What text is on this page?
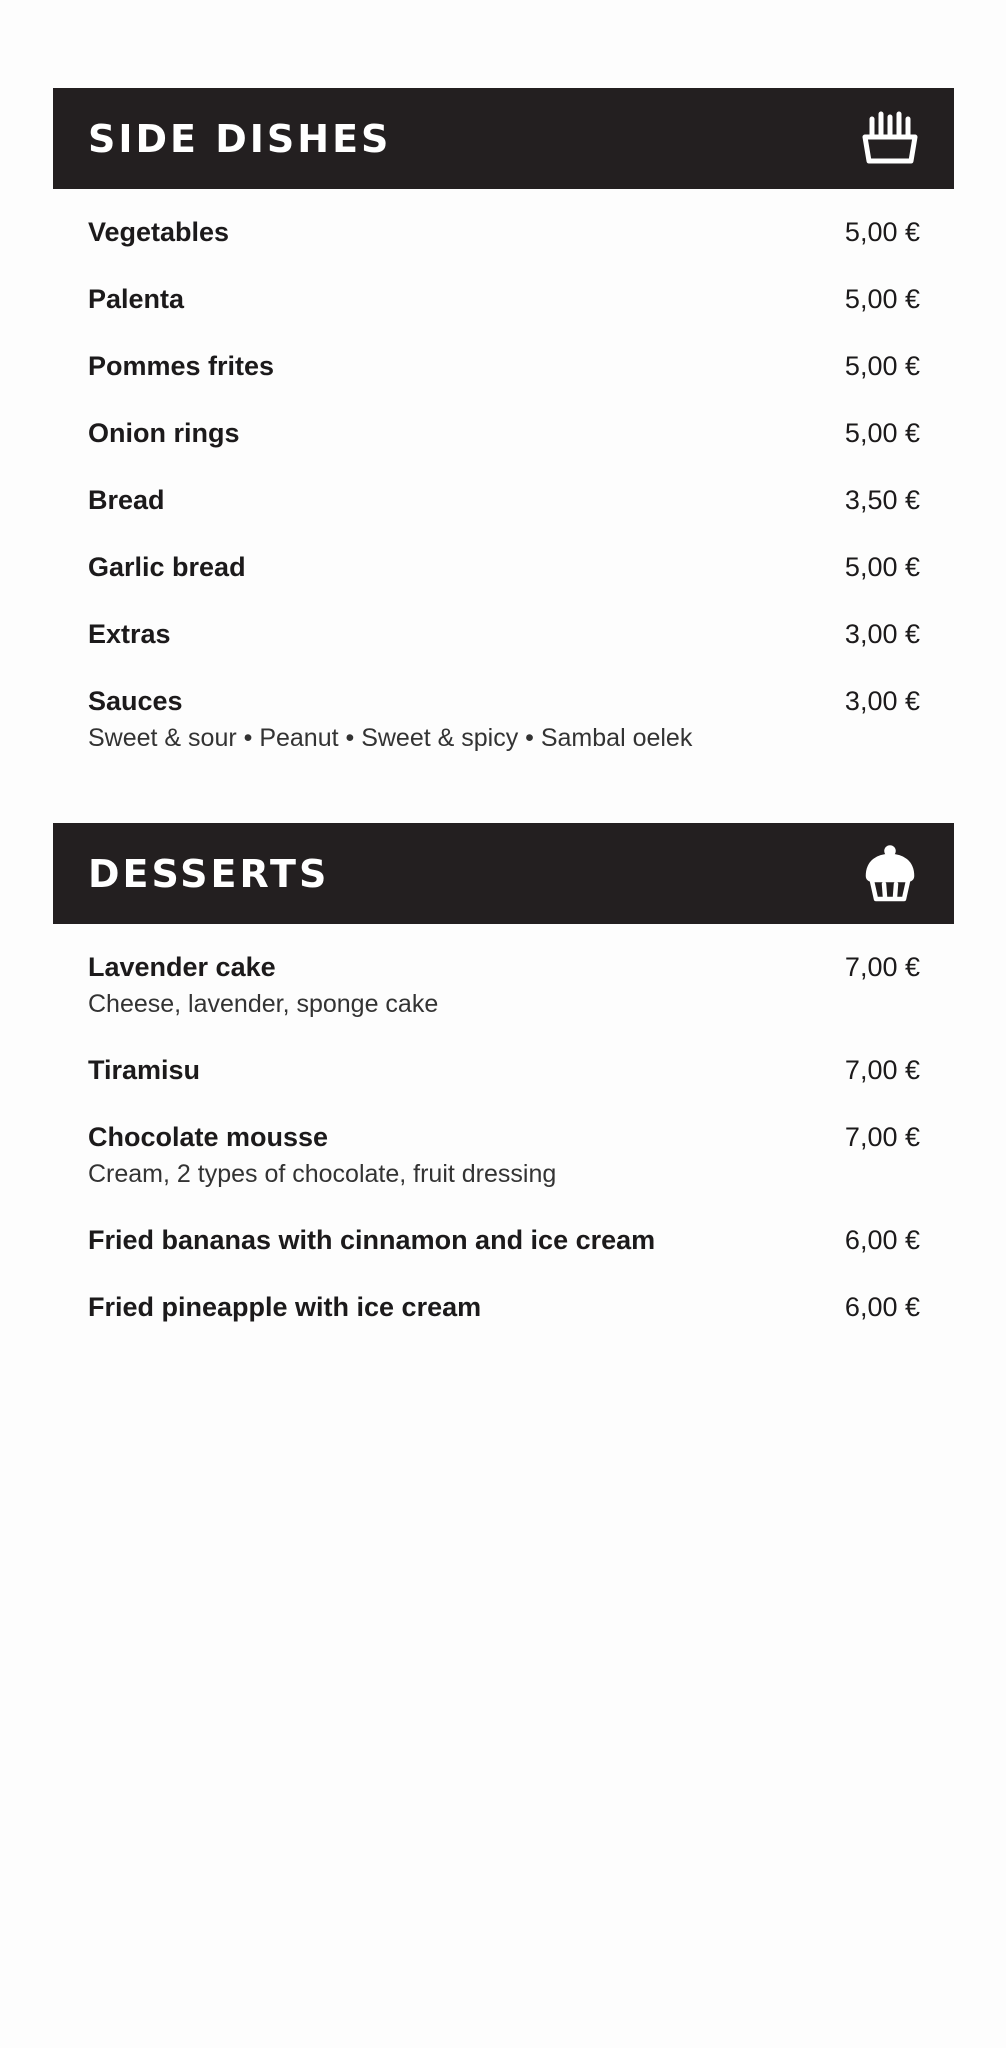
SIDE DISHES
Vegetables	5,00 €
Palenta	5,00 €
Pommes frites	5,00 €
Onion rings	5,00 €
Bread	3,50 €
Garlic bread	5,00 €
Extras	3,00 €
Sauces	3,00 €
Sweet & sour • Peanut • Sweet & spicy • Sambal oelek
DESSERTS
Lavender cake	7,00 €
Cheese, lavender, sponge cake
Tiramisu	7,00 €
Chocolate mousse	7,00 €
Cream, 2 types of chocolate, fruit dressing
Fried bananas with cinnamon and ice cream	6,00 €
Fried pineapple with ice cream	6,00 €
